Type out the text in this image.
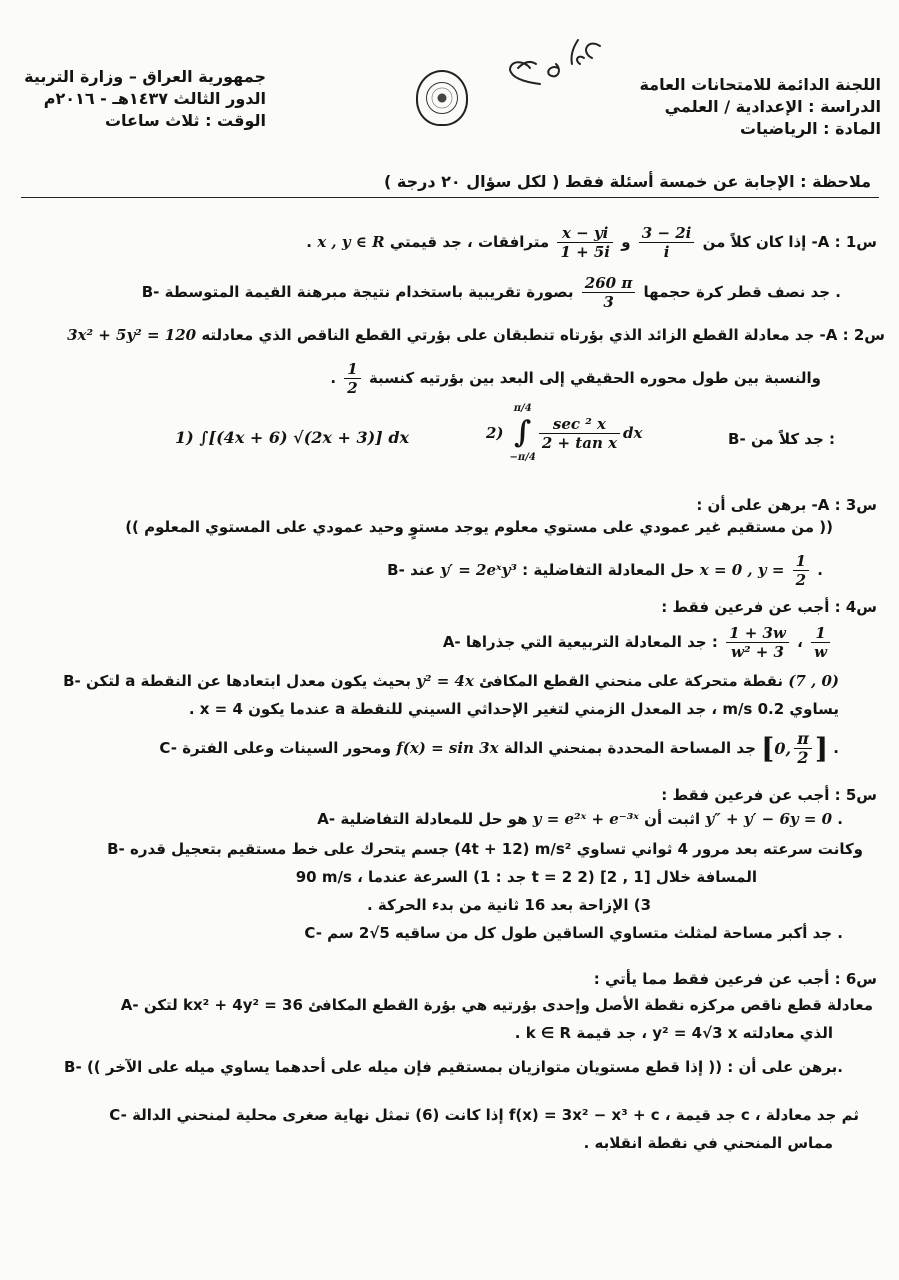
اللجنة الدائمة للامتحانات العامة
الدراسة : الإعدادية / العلمي
المادة : الرياضيات
جمهورية العراق – وزارة التربية
الدور الثالث ١٤٣٧هـ - ٢٠١٦م
الوقت : ثلاث ساعات
ملاحظة : الإجابة عن خمسة أسئلة فقط ( لكل سؤال ٢٠ درجة )
س1 : A- إذا كان كلاً من
$\frac{3 - 2i}{i}$
و
$\frac{x - yi}{1 + 5i}$
مترافقات ، جد قيمتي x , y ∈ R .
B- جد نصف قطر كرة حجمها
$\frac{260 \pi}{3}$
بصورة تقريبية باستخدام نتيجة مبرهنة القيمة المتوسطة .
س2 : A- جد معادلة القطع الزائد الذي بؤرتاه تنطبقان على بؤرتي القطع الناقص الذي معادلته 3x² + 5y² = 120
والنسبة بين طول محوره الحقيقي إلى البعد بين بؤرتيه كنسبة
$\frac{1}{2}$
.
B- جد كلاً من :
1) ∫[(4x + 6) √(2x + 3)] dx	2)
π/4
∫
−π/4
$\frac{\text{sec ² x}}{\text{2 + tan x}}$ dx
س3 : A- برهن على أن :
(( من مستقيم غير عمودي على مستوي معلوم يوجد مستوٍ وحيد عمودي على المستوي المعلوم ))
B- حل المعادلة التفاضلية : y′ = 2eˣy³ عند	x = 0 , $y = \frac{1}{2}$ .
س4 : أجب عن فرعين فقط :
A- جد المعادلة التربيعية التي جذراها : $\frac{1 + 3w}{\text{w² + 3}}$ ، $\frac{1}{w}$
B- لتكن a نقطة متحركة على منحني القطع المكافئ y² = 4x بحيث يكون معدل ابتعادها عن النقطة	(7 , 0)
يساوي 0.2 m/s ، جد المعدل الزمني لتغير الإحداثي السيني للنقطة a عندما يكون x = 4 .
C- جد المساحة المحددة بمنحني الدالة f(x) = sin 3x ومحور السينات وعلى الفترة	[0, $\frac{\pi}{2}$ ] .
س5 : أجب عن فرعين فقط :
A- اثبت أن y = e²ˣ + e⁻³ˣ هو حل للمعادلة التفاضلية	y″ + y′ − 6y = 0 .
B- جسم يتحرك على خط مستقيم بتعجيل قدره (4t + 12) m/s² وكانت سرعته بعد مرور 4 ثواني تساوي
90 m/s ، جد : 1) السرعة عندما t = 2 2) المسافة خلال [1 , 2]
3) الإزاحة بعد 16 ثانية من بدء الحركة .
C- جد أكبر مساحة لمثلث متساوي الساقين طول كل من ساقيه 5√2 سم .
س6 : أجب عن فرعين فقط مما يأتي :
A- لتكن kx² + 4y² = 36 معادلة قطع ناقص مركزه نقطة الأصل وإحدى بؤرتيه هي بؤرة القطع المكافئ
الذي معادلته y² = 4√3 x ، جد قيمة k ∈ R .
B- برهن على أن : (( إذا قطع مستويان متوازيان بمستقيم فإن ميله على أحدهما يساوي ميله على الآخر )).
C- إذا كانت (6) تمثل نهاية صغرى محلية لمنحني الدالة f(x) = 3x² − x³ + c ، جد قيمة c ، ثم جد معادلة
مماس المنحني في نقطة انقلابه .
